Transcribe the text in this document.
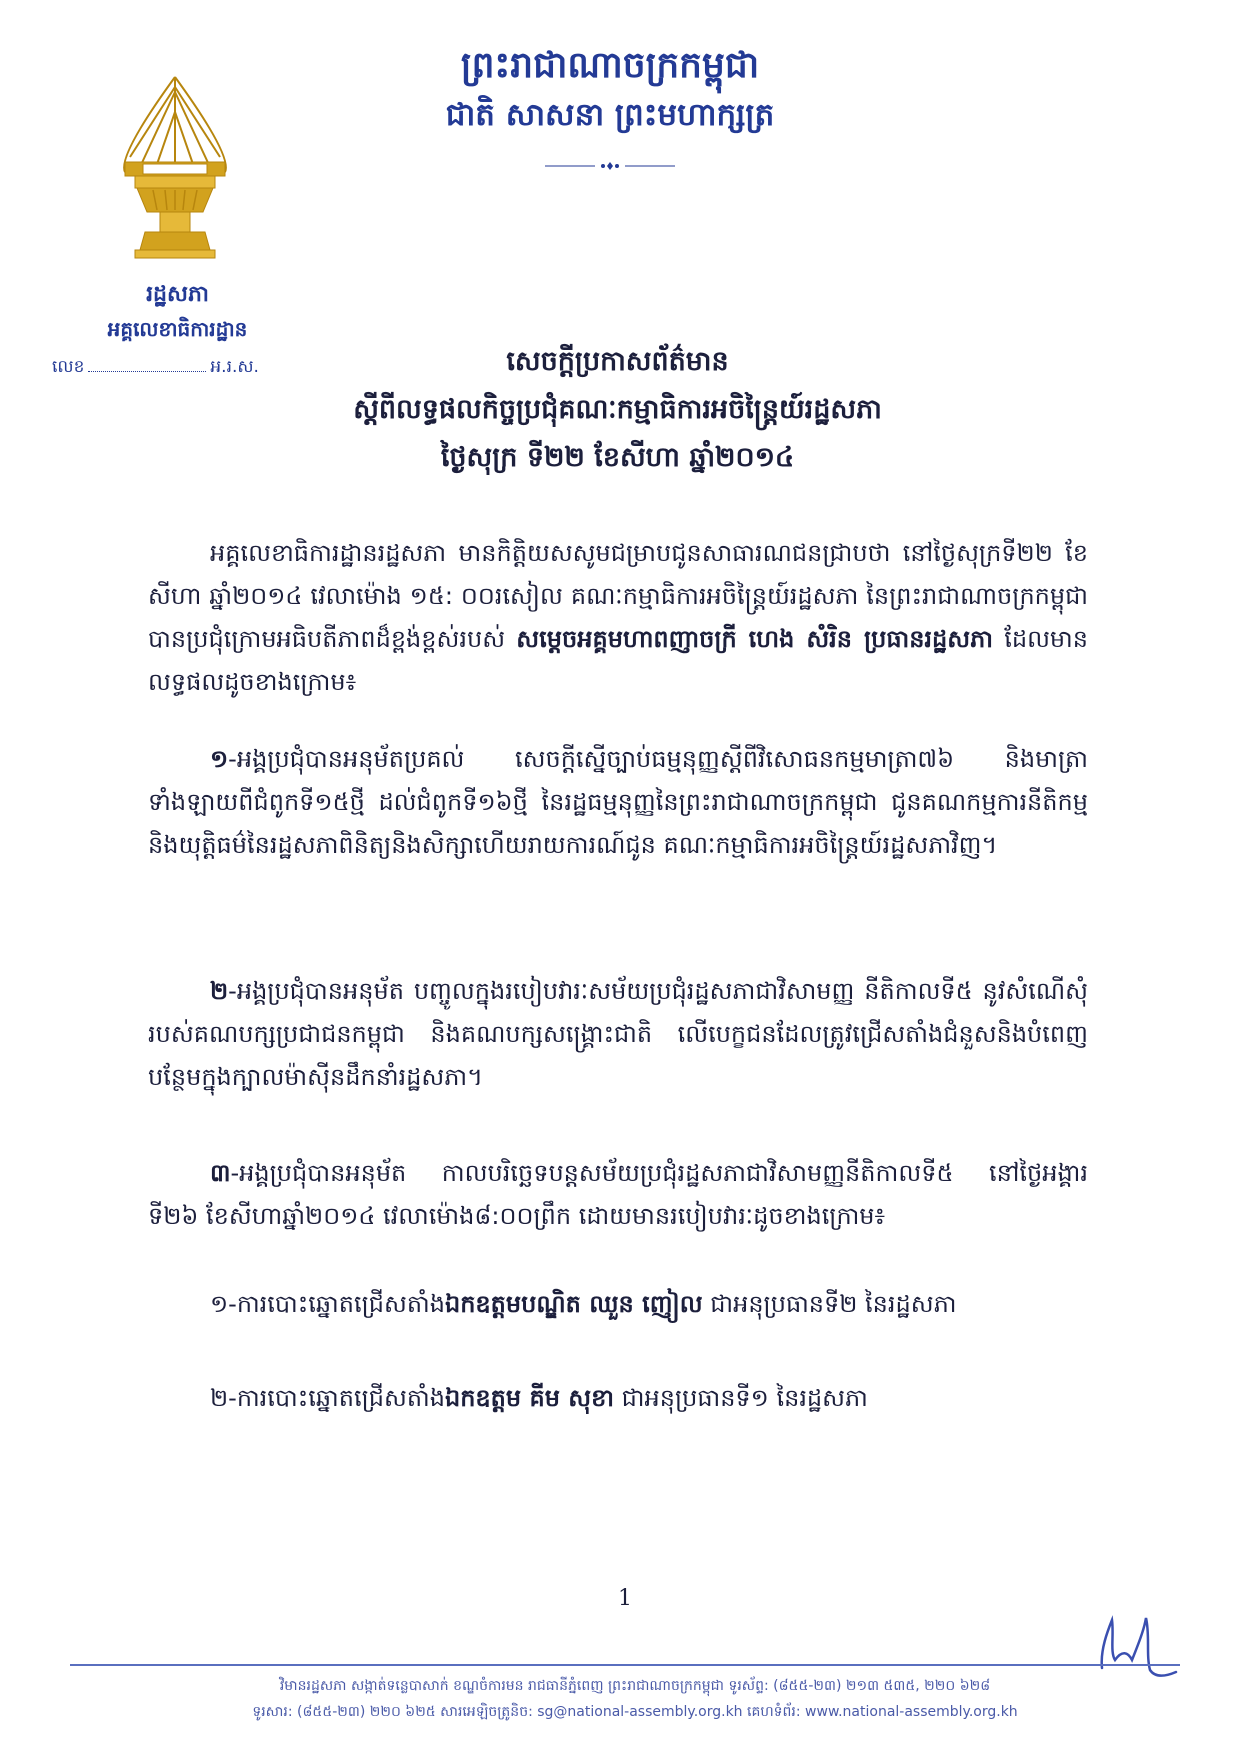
ព្រះរាជាណាចក្រកម្ពុជា
ជាតិ សាសនា ព្រះមហាក្សត្រ
រដ្ឋសភា
អគ្គលេខាធិការដ្ឋាន
លេខ	អ.រ.ស.	សេចក្តីប្រកាសព័ត៌មាន
ស្តីពីលទ្ធផលកិច្ចប្រជុំគណៈកម្មាធិការអចិន្ត្រៃយ៍រដ្ឋសភា
ថ្ងៃសុក្រ ទី២២ ខែសីហា ឆ្នាំ២០១៤
អគ្គលេខាធិការដ្ឋានរដ្ឋសភា មានកិត្តិយសសូមជម្រាបជូនសាធារណជនជ្រាបថា នៅថ្ងៃសុក្រទី២២ ខែសីហា ឆ្នាំ២០១៤ វេលាម៉ោង ១៥: ០០រសៀល គណៈកម្មាធិការអចិន្ត្រៃយ៍រដ្ឋសភា នៃព្រះរាជាណាចក្រកម្ពុជា បានប្រជុំក្រោមអធិបតីភាពដ៏ខ្ពង់ខ្ពស់របស់ សម្តេចអគ្គមហាពញាចក្រី ហេង សំរិន ប្រធានរដ្ឋសភា ដែលមានលទ្ធផលដូចខាងក្រោម៖
១-អង្គប្រជុំបានអនុម័តប្រគល់ សេចក្តីស្នើច្បាប់ធម្មនុញ្ញស្តីពីវិសោធនកម្មមាត្រា៧៦ និងមាត្រាទាំងឡាយពីជំពូកទី១៥ថ្មី ដល់ជំពូកទី១៦ថ្មី នៃរដ្ឋធម្មនុញ្ញនៃព្រះរាជាណាចក្រកម្ពុជា ជូនគណកម្មការនីតិកម្មនិងយុត្តិធម៌នៃរដ្ឋសភាពិនិត្យនិងសិក្សាហើយរាយការណ៍ជូន គណៈកម្មាធិការអចិន្ត្រៃយ៍រដ្ឋសភាវិញ។
២-អង្គប្រជុំបានអនុម័ត បញ្ចូលក្នុងរបៀបវារៈសម័យប្រជុំរដ្ឋសភាជាវិសាមញ្ញ នីតិកាលទី៥ នូវសំណើសុំរបស់គណបក្សប្រជាជនកម្ពុជា និងគណបក្សសង្គ្រោះជាតិ លើបេក្ខជនដែលត្រូវជ្រើសតាំងជំនួសនិងបំពេញបន្ថែមក្នុងក្បាលម៉ាស៊ីនដឹកនាំរដ្ឋសភា។
៣-អង្គប្រជុំបានអនុម័ត កាលបរិច្ឆេទបន្តសម័យប្រជុំរដ្ឋសភាជាវិសាមញ្ញនីតិកាលទី៥ នៅថ្ងៃអង្គារ ទី២៦ ខែសីហាឆ្នាំ២០១៤ វេលាម៉ោង៨:០០ព្រឹក ដោយមានរបៀបវារៈដូចខាងក្រោម៖
១-ការបោះឆ្នោតជ្រើសតាំងឯកឧត្តមបណ្ឌិត ឈួន ញៀល ជាអនុប្រធានទី២ នៃរដ្ឋសភា
២-ការបោះឆ្នោតជ្រើសតាំងឯកឧត្តម គីម សុខា ជាអនុប្រធានទី១ នៃរដ្ឋសភា
1
វិមានរដ្ឋសភា សង្កាត់ទន្លេបាសាក់ ខណ្ឌចំការមន រាជធានីភ្នំពេញ ព្រះរាជាណាចក្រកម្ពុជា ទូរស័ព្ទ: (៨៥៥-២៣) ២១៣ ៥៣៥, ២២០ ៦២៨
ទូរសារ: (៨៥៥-២៣) ២២០ ៦២៥ សារអេឡិចត្រូនិច: sg@national-assembly.org.kh គេហទំព័រ: www.national-assembly.org.kh
